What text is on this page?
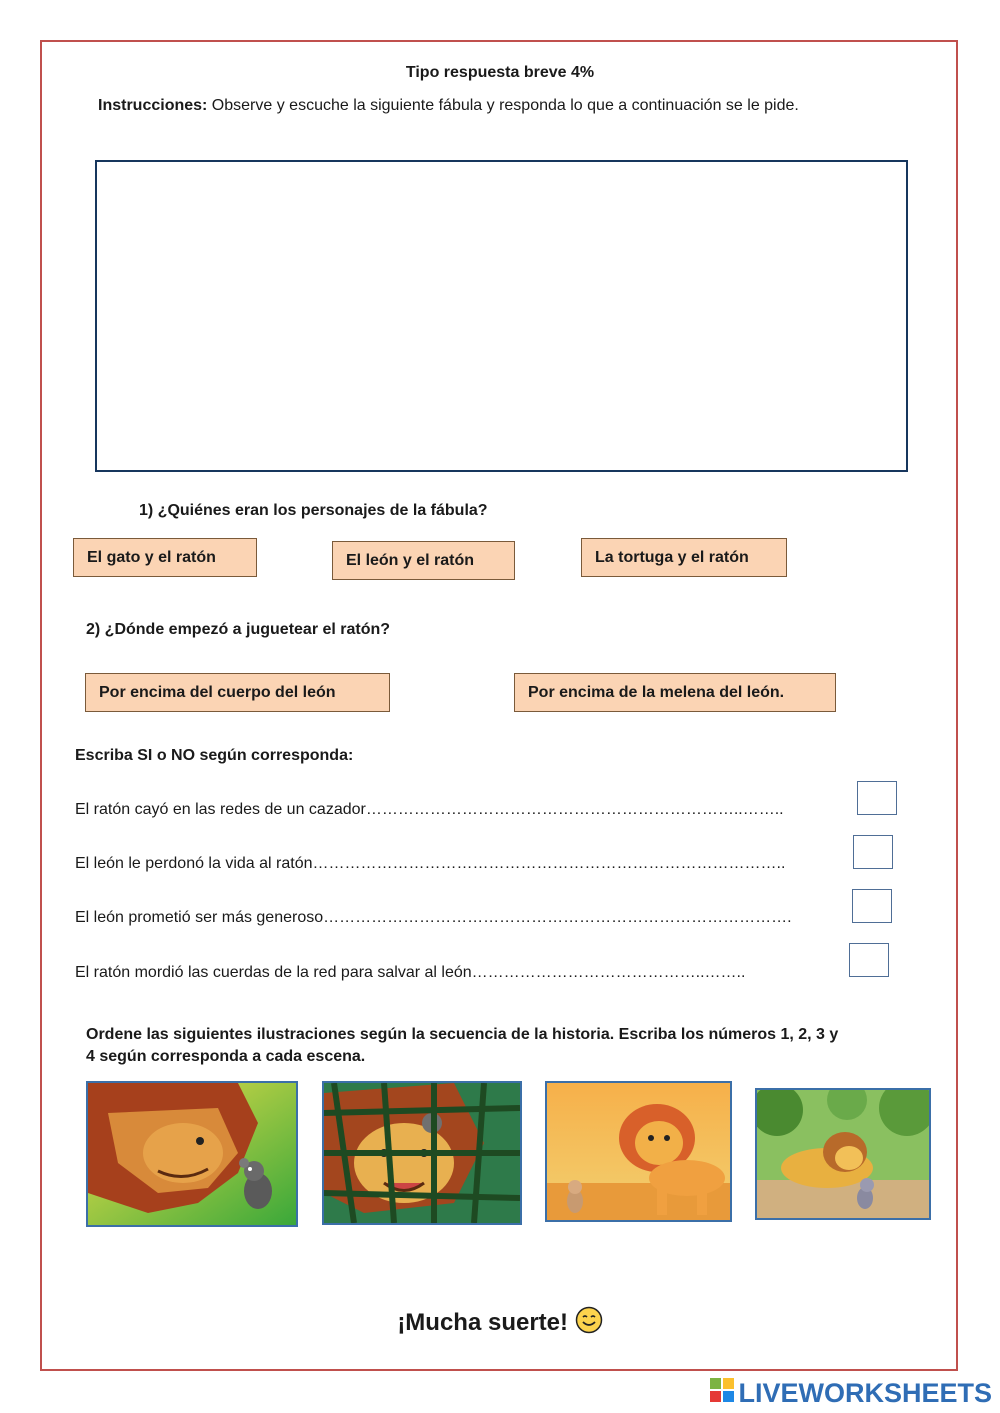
Tipo respuesta breve 4%
Instrucciones: Observe y escuche la siguiente fábula y responda lo que a continuación se le pide.
1) ¿Quiénes eran los personajes de la fábula?
El gato y el ratón	El león y el ratón	La tortuga y el ratón
2) ¿Dónde empezó a juguetear el ratón?
Por encima del cuerpo del león	Por encima de la melena del león.
Escriba SI o NO según corresponda:
El ratón cayó en las redes de un cazador……………………………………………………………..……..
El león le perdonó la vida al ratón……………………………………………………………………………..
El león prometió ser más generoso…………………………………………………………………………….
El ratón mordió las cuerdas de la red para salvar al león……………………………………..……..
Ordene las siguientes ilustraciones según la secuencia de la historia. Escriba los números 1, 2, 3 y 4 según corresponda a cada escena.
¡Mucha suerte!
LIVEWORKSHEETS
